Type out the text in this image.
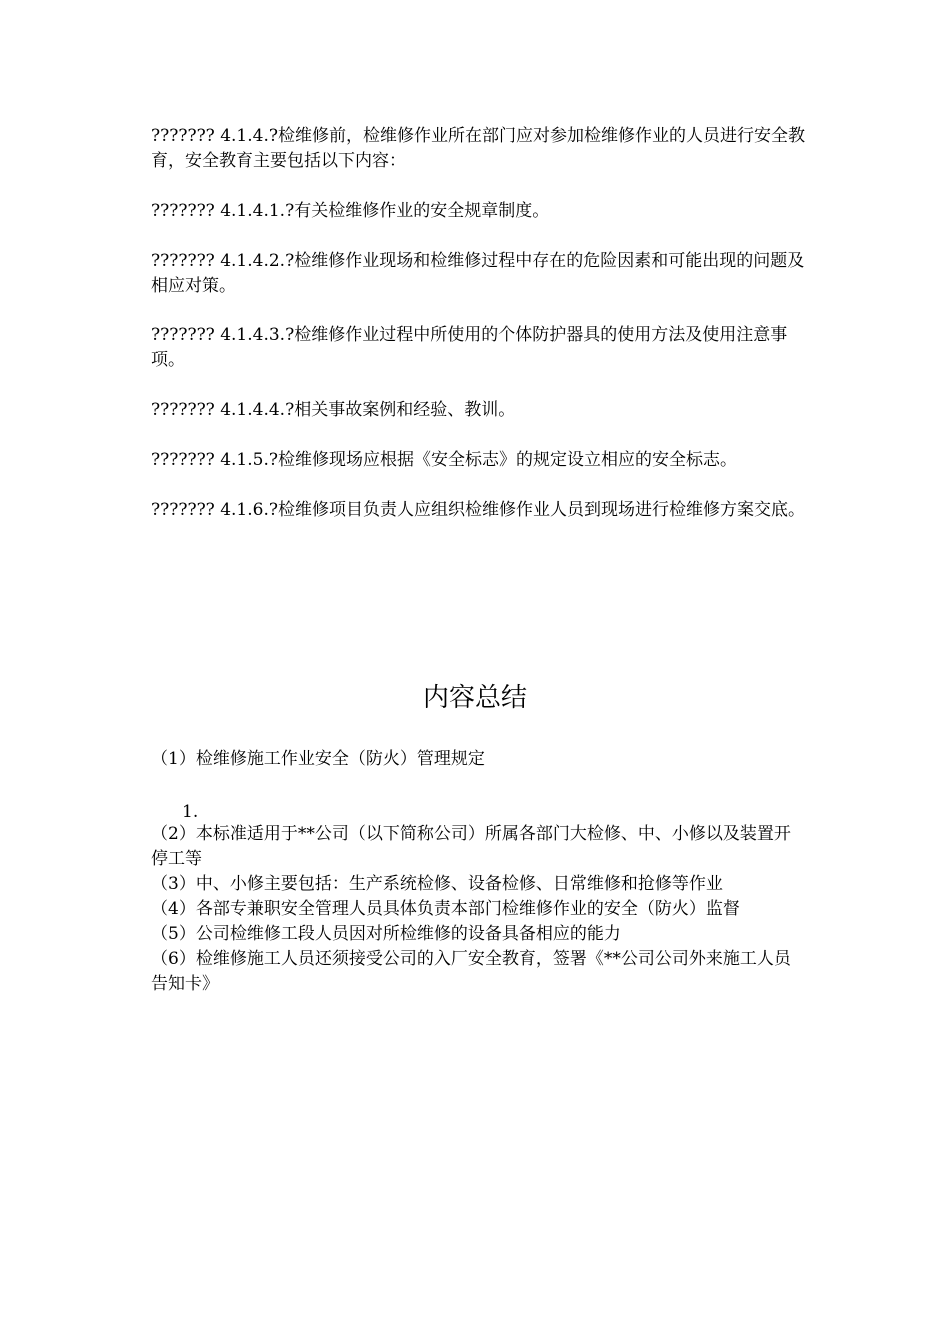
??????? 4.1.4.?检维修前，检维修作业所在部门应对参加检维修作业的人员进行安全教育，安全教育主要包括以下内容：

??????? 4.1.4.1.?有关检维修作业的安全规章制度。

??????? 4.1.4.2.?检维修作业现场和检维修过程中存在的危险因素和可能出现的问题及相应对策。

??????? 4.1.4.3.?检维修作业过程中所使用的个体防护器具的使用方法及使用注意事项。

??????? 4.1.4.4.?相关事故案例和经验、教训。

??????? 4.1.5.?检维修现场应根据《安全标志》的规定设立相应的安全标志。

??????? 4.1.6.?检维修项目负责人应组织检维修作业人员到现场进行检维修方案交底。

内容总结

（1）检维修施工作业安全（防火）管理规定

1.
（2）本标准适用于**公司（以下简称公司）所属各部门大检修、中、小修以及装置开停工等
（3）中、小修主要包括：生产系统检修、设备检修、日常维修和抢修等作业
（4）各部专兼职安全管理人员具体负责本部门检维修作业的安全（防火）监督
（5）公司检维修工段人员因对所检维修的设备具备相应的能力
（6）检维修施工人员还须接受公司的入厂安全教育，签署《**公司公司外来施工人员告知卡》
